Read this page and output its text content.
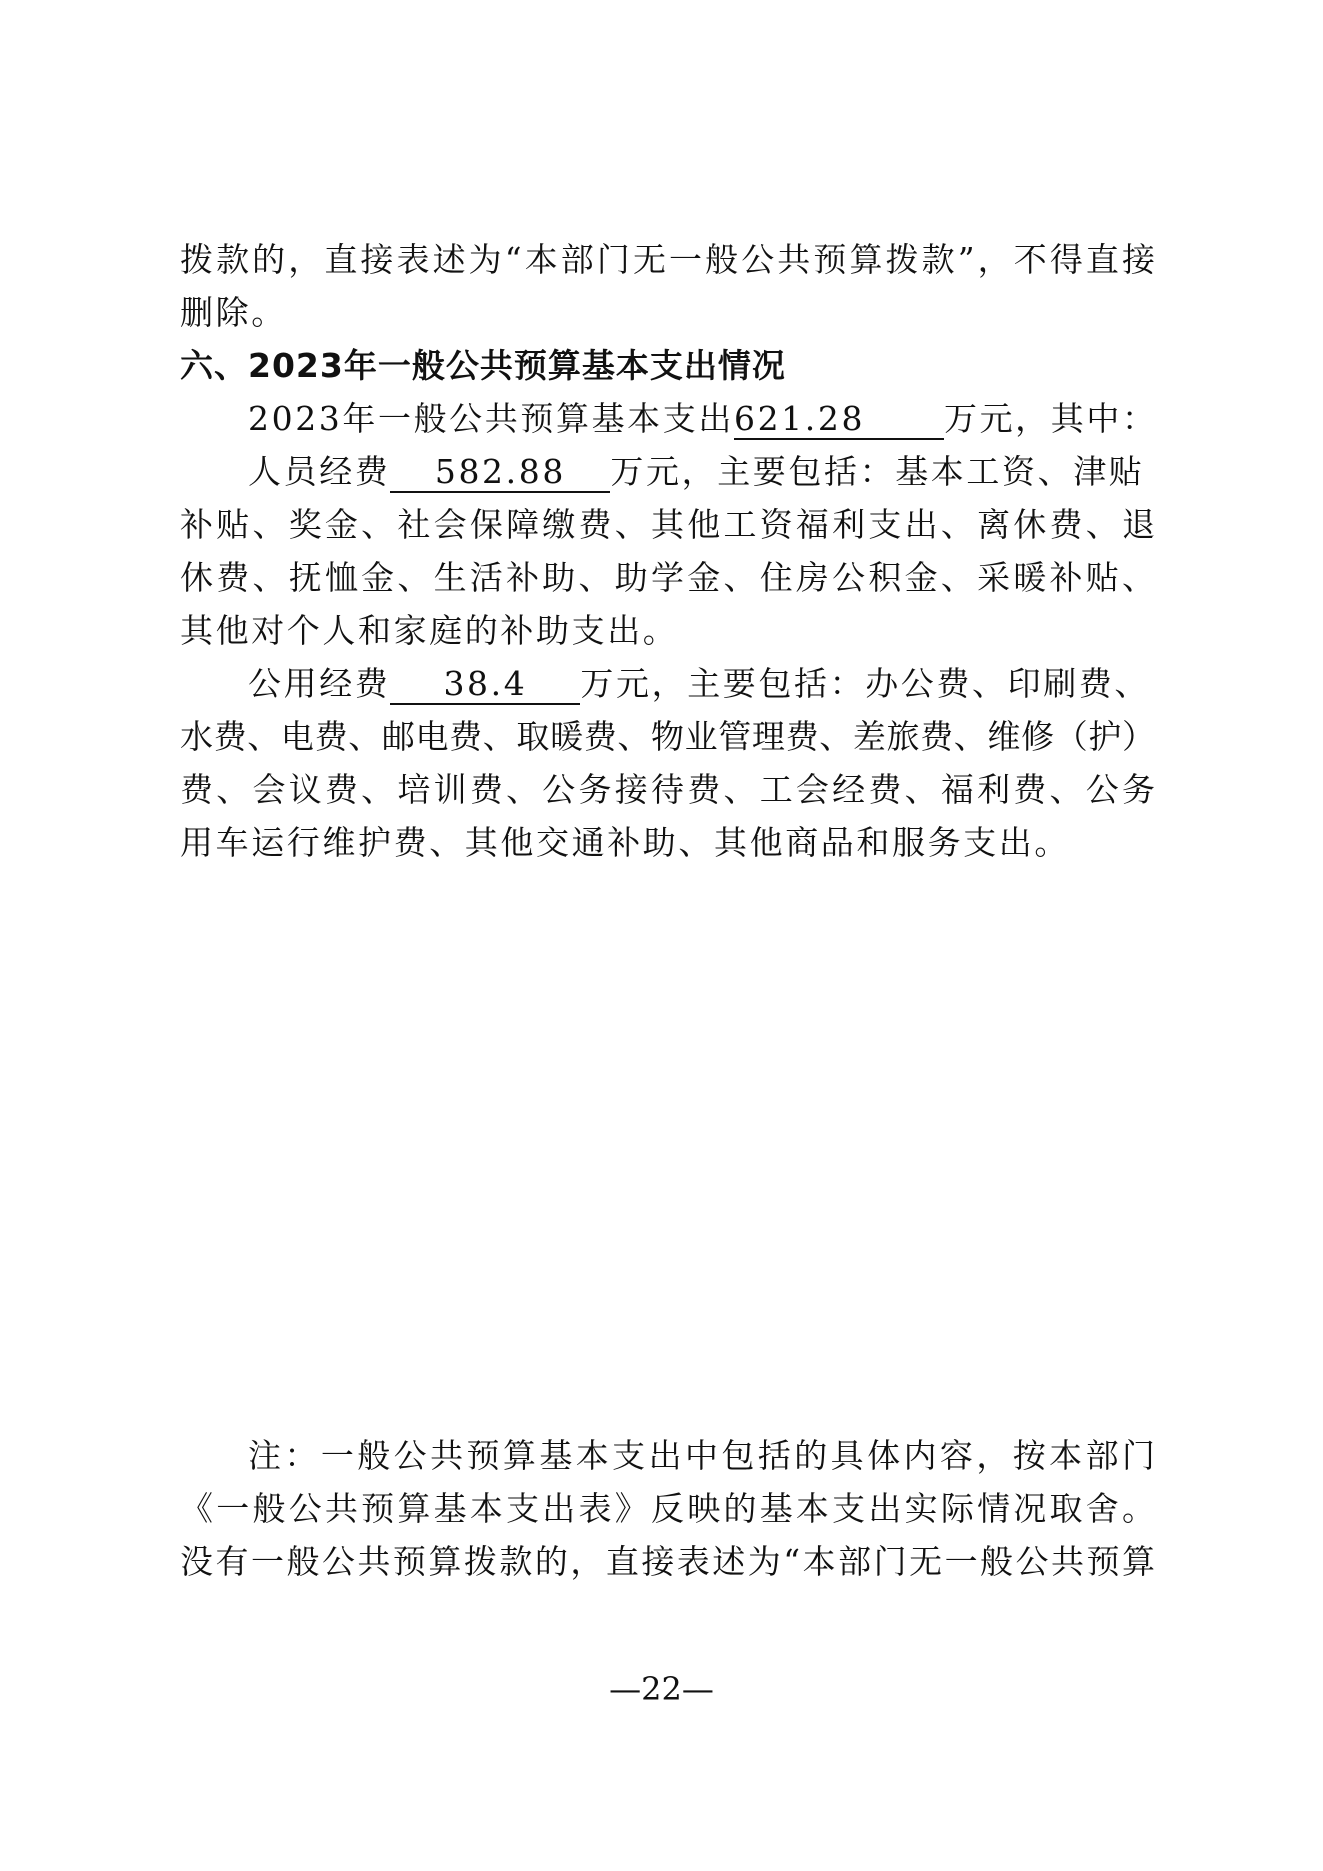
拨款的，直接表述为“本部门无一般公共预算拨款”，不得直接
删除。
六、2023年一般公共预算基本支出情况
2023年一般公共预算基本支出621.28 万元，其中：
人员经费 582.88 万元，主要包括：基本工资、津贴
补贴、奖金、社会保障缴费、其他工资福利支出、离休费、退
休费、抚恤金、生活补助、助学金、住房公积金、采暖补贴、
其他对个人和家庭的补助支出。
公用经费 38.4 万元，主要包括：办公费、印刷费、
水费、电费、邮电费、取暖费、物业管理费、差旅费、维修（护）
费、会议费、培训费、公务接待费、工会经费、福利费、公务
用车运行维护费、其他交通补助、其他商品和服务支出。
注：一般公共预算基本支出中包括的具体内容，按本部门
《一般公共预算基本支出表》反映的基本支出实际情况取舍。
没有一般公共预算拨款的，直接表述为“本部门无一般公共预算
—22—
